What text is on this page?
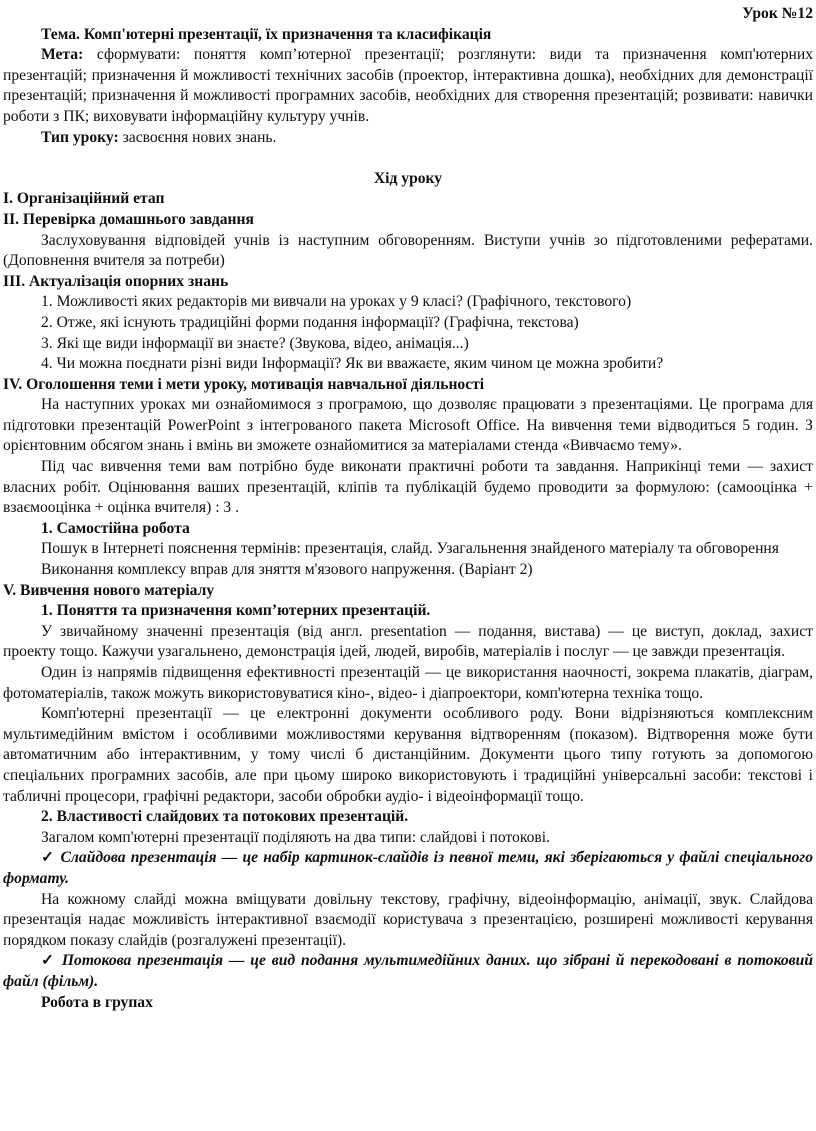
Урок №12

Тема. Комп'ютерні презентації, їх призначення та класифікація

Мета: сформувати: поняття комп’ютерної презентації; розглянути: види та призначення комп'ютерних презентацій; призначення й можливості технічних засобів (проектор, інтерактивна дошка), необхідних для демонстрації презентацій; призначення й можливості програмних засобів, необхідних для створення презентацій; розвивати: навички роботи з ПК; виховувати інформаційну культуру учнів.

Тип уроку: засвоєння нових знань.

Хід уроку

I. Організаційний етап

II. Перевірка домашнього завдання

Заслуховування відповідей учнів із наступним обговоренням. Виступи учнів зо підготовленими рефератами. (Доповнення вчителя за потреби)

III. Актуалізація опорних знань

1. Можливості яких редакторів ми вивчали на уроках у 9 класі? (Графічного, текстового)

2. Отже, які існують традиційні форми подання інформації? (Графічна, текстова)

3. Які ще види інформації ви знаєте? (Звукова, відео, анімація...)

4. Чи можна поєднати різні види Інформації? Як ви вважаєте, яким чином це можна зробити?

IV. Оголошення теми і мети уроку, мотивація навчальної діяльності

На наступних уроках ми ознайомимося з програмою, що дозволяє працювати з презентаціями. Це програма для підготовки презентацій PowerPoint з інтегрованого пакета Microsoft Office. На вивчення теми відводиться 5 годин. З орієнтовним обсягом знань і вмінь ви зможете ознайомитися за матеріалами стенда «Вивчаємо тему».

Під час вивчення теми вам потрібно буде виконати практичні роботи та завдання. Наприкінці теми — захист власних робіт. Оцінювання ваших презентацій, кліпів та публікацій будемо проводити за формулою: (самооцінка + взаємооцінка + оцінка вчителя) : 3 .

1. Самостійна робота

Пошук в Інтернеті пояснення термінів: презентація, слайд. Узагальнення знайденого матеріалу та обговорення

Виконання комплексу вправ для зняття м'язового напруження. (Варіант 2)

V. Вивчення нового матеріалу

1. Поняття та призначення комп’ютерних презентацій.

У звичайному значенні презентація (від англ. presentation — подання, вистава) — це виступ, доклад, захист проекту тощо. Кажучи узагальнено, демонстрація ідей, людей, виробів, матеріалів і послуг — це завжди презентація.

Один із напрямів підвищення ефективності презентацій — це використання наочності, зокрема плакатів, діаграм, фотоматеріалів, також можуть використовуватися кіно-, відео- і діапроектори, комп'ютерна техніка тощо.

Комп'ютерні презентації — це електронні документи особливого роду. Вони відрізняються комплексним мультимедійним вмістом і особливими можливостями керування відтворенням (показом). Відтворення може бути автоматичним або інтерактивним, у тому числі б дистанційним. Документи цього типу готують за допомогою спеціальних програмних засобів, але при цьому широко використовують і традиційні універсальні засоби: текстові і табличні процесори, графічні редактори, засоби обробки аудіо- і відеоінформації тощо.

2. Властивості слайдових та потокових презентацій.

Загалом комп'ютерні презентації поділяють на два типи: слайдові і потокові.

✓ Слайдова презентація — це набір картинок-слайдів із певної теми, які зберігаються у файлі спеціального формату.

На кожному слайді можна вміщувати довільну текстову, графічну, відеоінформацію, анімації, звук. Слайдова презентація надає можливість інтерактивної взаємодії користувача з презентацією, розширені можливості керування порядком показу слайдів (розгалужені презентації).

✓ Потокова презентація — це вид подання мультимедійних даних. що зібрані й перекодовані в потоковий файл (фільм).

Робота в групах
